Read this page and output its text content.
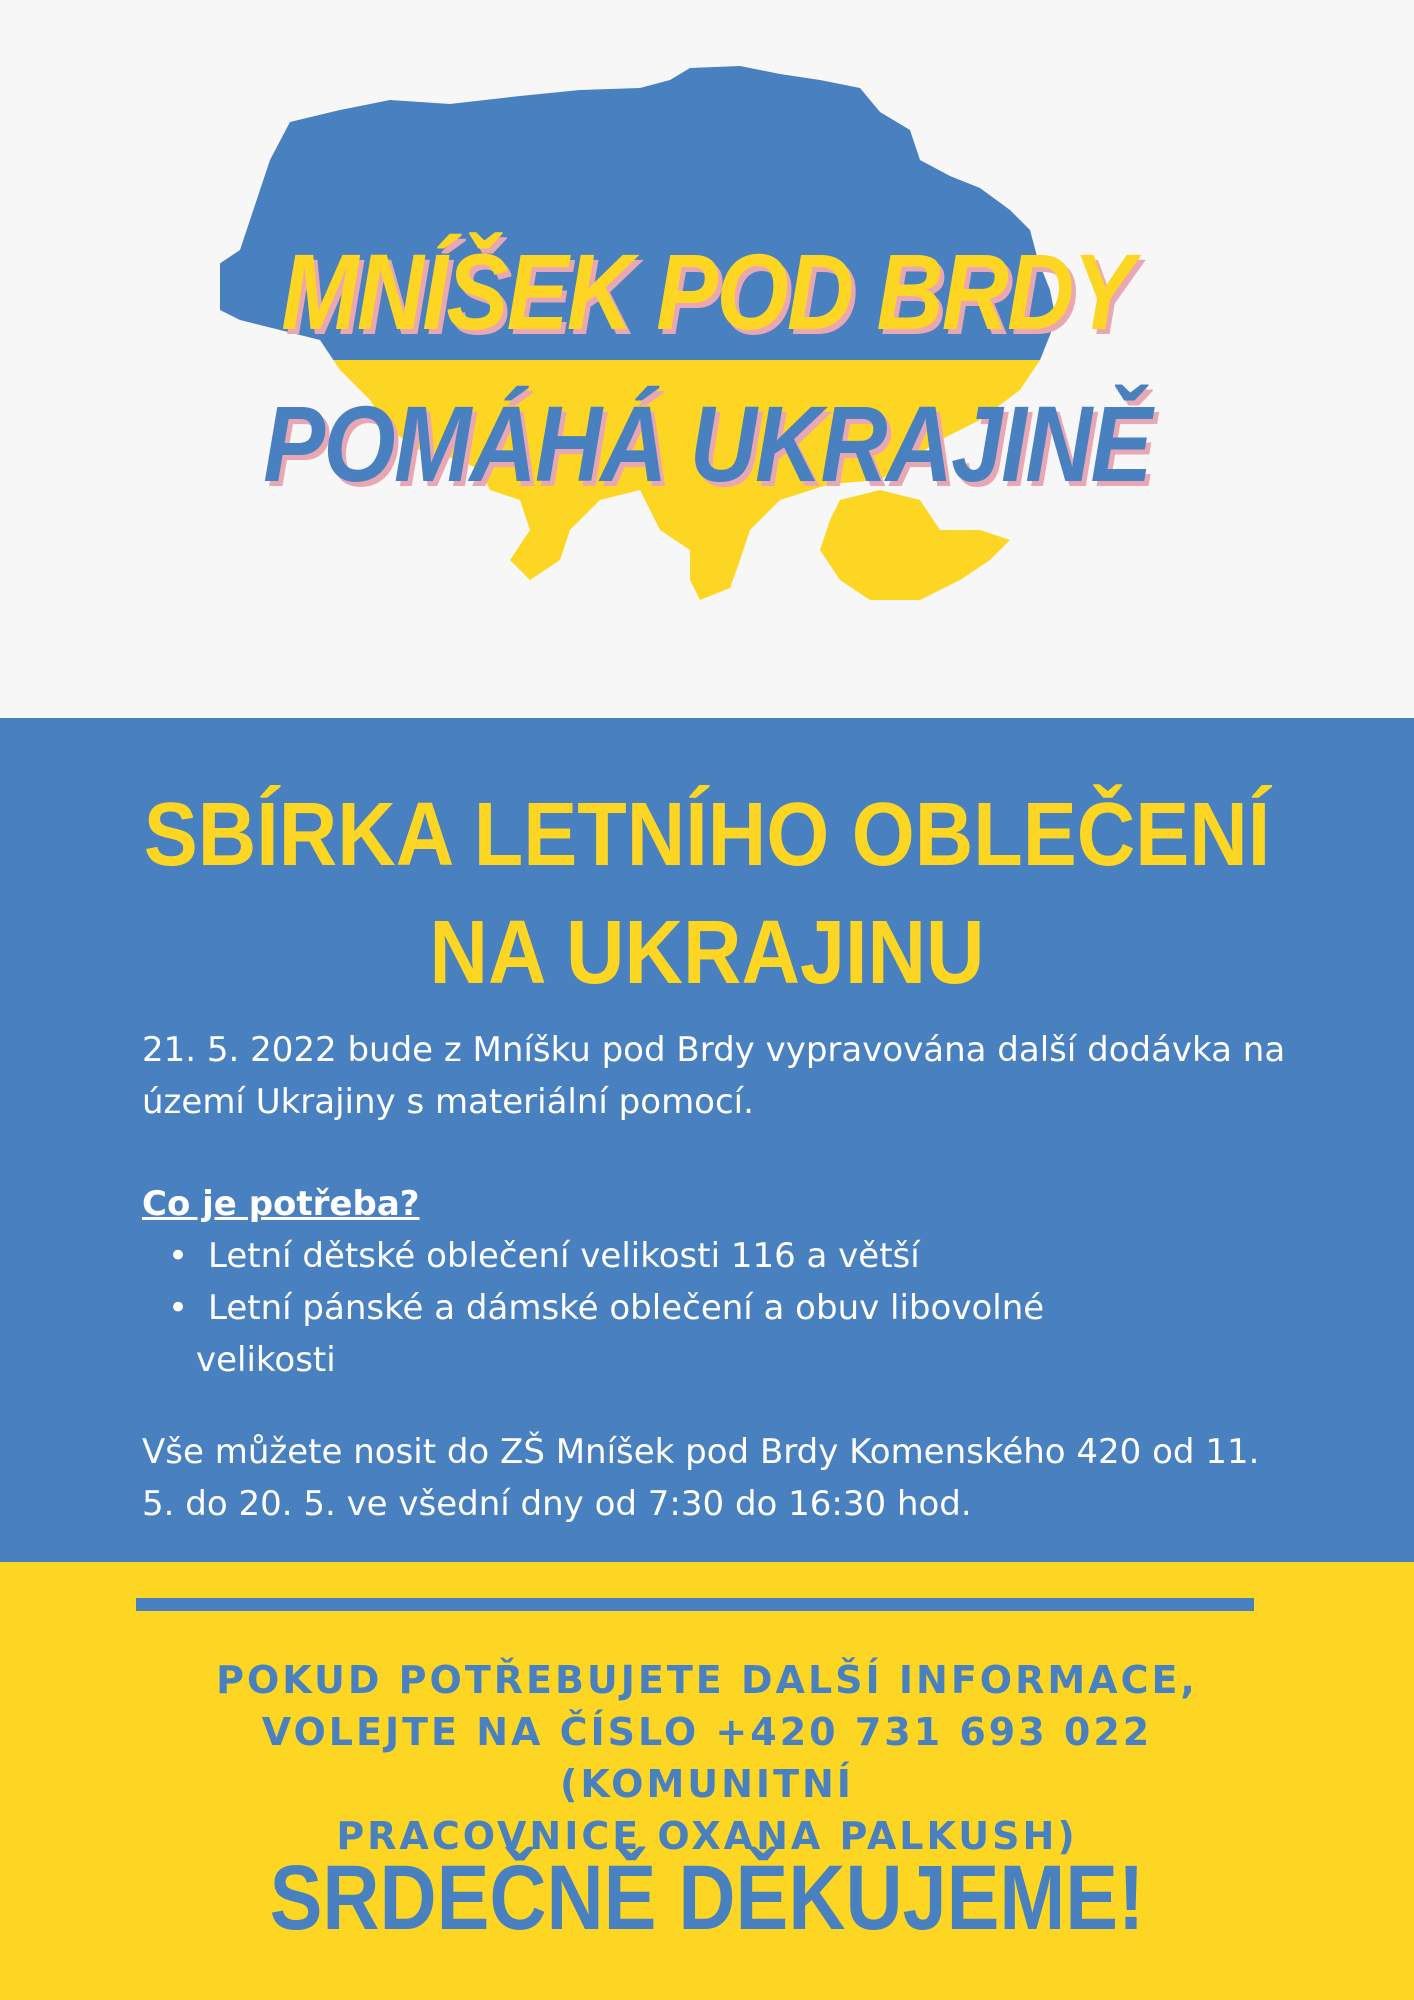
MNÍŠEK POD BRDY
POMÁHÁ UKRAJINĚ
SBÍRKA LETNÍHO OBLEČENÍ
NA UKRAJINU
21. 5. 2022 bude z Mníšku pod Brdy vypravována další dodávka na území Ukrajiny s materiální pomocí.
Co je potřeba?
• Letní dětské oblečení velikosti 116 a větší
• Letní pánské a dámské oblečení a obuv libovolné
velikosti
Vše můžete nosit do ZŠ Mníšek pod Brdy Komenského 420 od 11. 5. do 20. 5. ve všední dny od 7:30 do 16:30 hod.
POKUD POTŘEBUJETE DALŠÍ INFORMACE,
VOLEJTE NA ČÍSLO +420 731 693 022 (KOMUNITNÍ
PRACOVNICE OXANA PALKUSH)
SRDEČNĚ DĚKUJEME!
